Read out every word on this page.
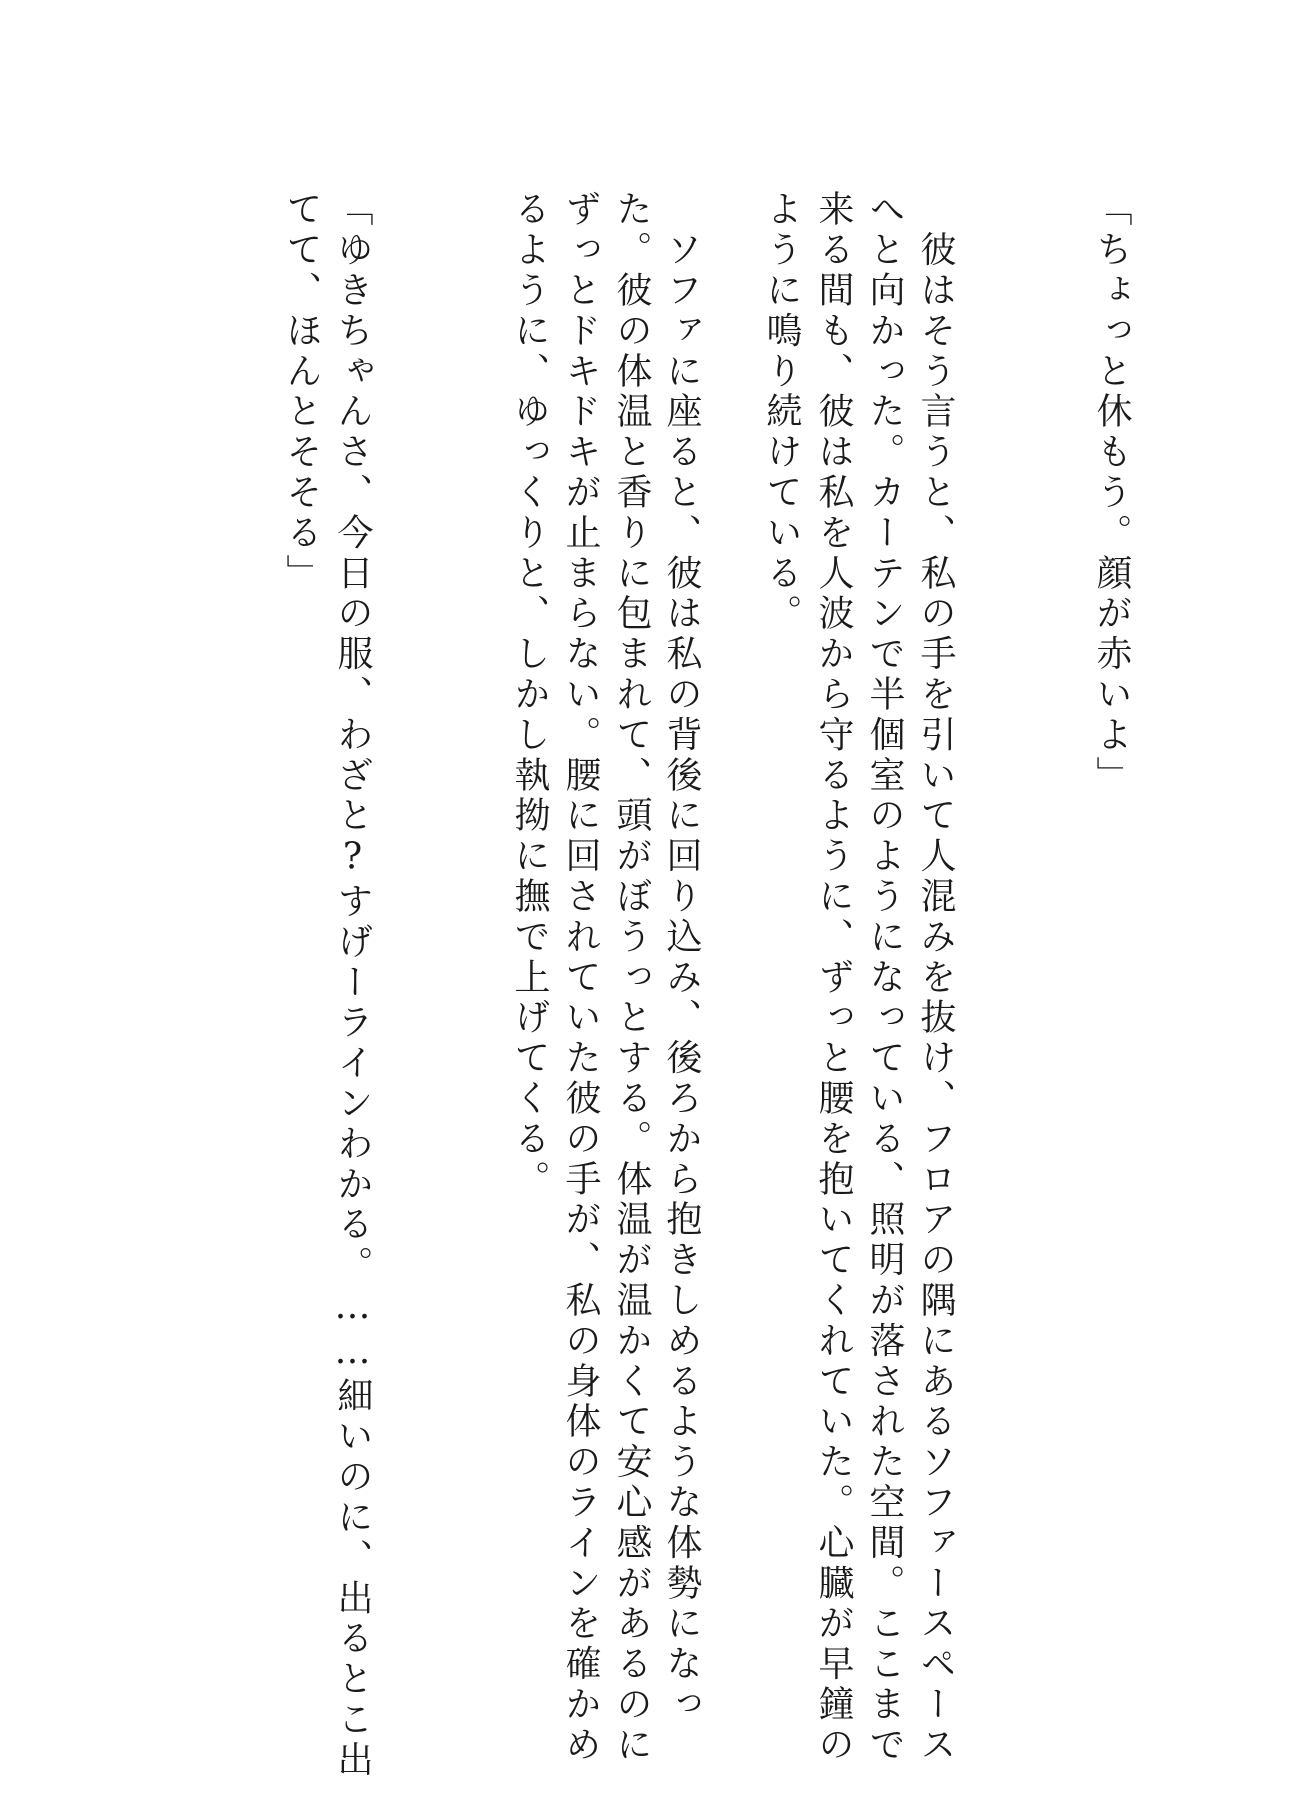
「ちょっと休もう。顔が赤いよ」
　彼はそう言うと、私の手を引いて人混みを抜け、フロアの隅にあるソファースペース
へと向かった。カーテンで半個室のようになっている、照明が落された空間。ここまで
来る間も、彼は私を人波から守るように、ずっと腰を抱いてくれていた。心臓が早鐘の
ように鳴り続けている。
　ソファに座ると、彼は私の背後に回り込み、後ろから抱きしめるような体勢になっ
た。彼の体温と香りに包まれて、頭がぼうっとする。体温が温かくて安心感があるのに
ずっとドキドキが止まらない。腰に回されていた彼の手が、私の身体のラインを確かめ
るように、ゆっくりと、しかし執拗に撫で上げてくる。
「ゆきちゃんさ、今日の服、わざと?すげーラインわかる。……細いのに、出るとこ出
てて、ほんとそそる」
